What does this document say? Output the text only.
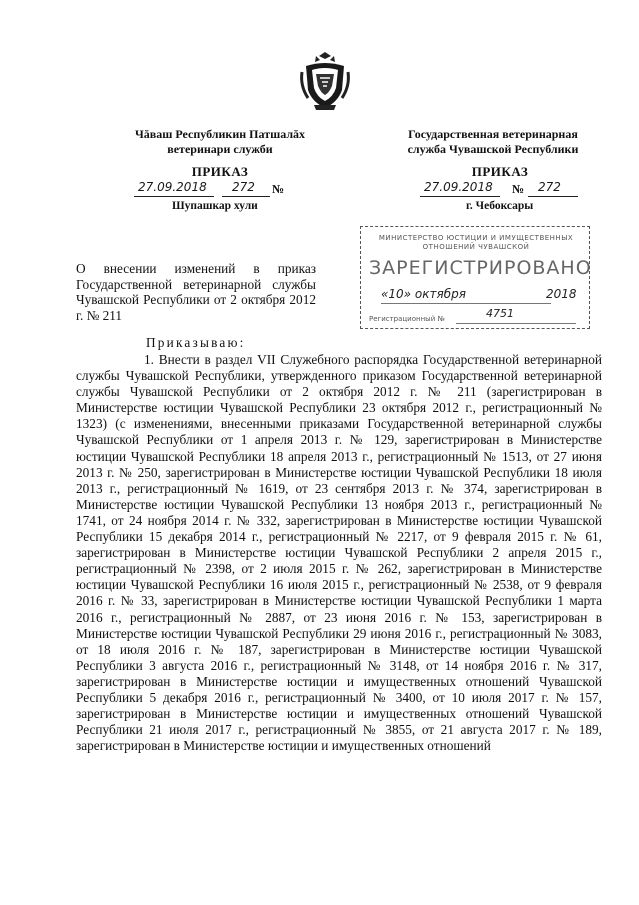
Чăваш Республикин Патшалăх
ветеринари служби
Государственная ветеринарная
служба Чувашской Республики
ПРИКАЗ
27.09.2018 272 №
Шупашкар хули
ПРИКАЗ
27.09.2018 № 272
г. Чебоксары
МИНИСТЕРСТВО ЮСТИЦИИ И ИМУЩЕСТВЕННЫХ ОТНОШЕНИЙ ЧУВАШСКОЙ
ЗАРЕГИСТРИРОВАНО
«10» октября	2018
Регистрационный №	4751
О внесении изменений в приказ Государственной ветеринарной службы Чувашской Республики от 2 октября 2012 г. № 211
Приказываю:
1. Внести в раздел VII Служебного распорядка Государственной ветеринарной службы Чувашской Республики, утвержденного приказом Государственной ветеринарной службы Чувашской Республики от 2 октября 2012 г. № 211 (зарегистрирован в Министерстве юстиции Чувашской Республики 23 октября 2012 г., регистрационный № 1323) (с изменениями, внесенными приказами Государственной ветеринарной службы Чувашской Республики от 1 апреля 2013 г. № 129, зарегистрирован в Министерстве юстиции Чувашской Республики 18 апреля 2013 г., регистрационный № 1513, от 27 июня 2013 г. № 250, зарегистрирован в Министерстве юстиции Чувашской Республики 18 июля 2013 г., регистрационный № 1619, от 23 сентября 2013 г. № 374, зарегистрирован в Министерстве юстиции Чувашской Республики 13 ноября 2013 г., регистрационный № 1741, от 24 ноября 2014 г. № 332, зарегистрирован в Министерстве юстиции Чувашской Республики 15 декабря 2014 г., регистрационный № 2217, от 9 февраля 2015 г. № 61, зарегистрирован в Министерстве юстиции Чувашской Республики 2 апреля 2015 г., регистрационный № 2398, от 2 июля 2015 г. № 262, зарегистрирован в Министерстве юстиции Чувашской Республики 16 июля 2015 г., регистрационный № 2538, от 9 февраля 2016 г. № 33, зарегистрирован в Министерстве юстиции Чувашской Республики 1 марта 2016 г., регистрационный № 2887, от 23 июня 2016 г. № 153, зарегистрирован в Министерстве юстиции Чувашской Республики 29 июня 2016 г., регистрационный № 3083, от 18 июля 2016 г. № 187, зарегистрирован в Министерстве юстиции Чувашской Республики 3 августа 2016 г., регистрационный № 3148, от 14 ноября 2016 г. № 317, зарегистрирован в Министерстве юстиции и имущественных отношений Чувашской Республики 5 декабря 2016 г., регистрационный № 3400, от 10 июля 2017 г. № 157, зарегистрирован в Министерстве юстиции и имущественных отношений Чувашской Республики 21 июля 2017 г., регистрационный № 3855, от 21 августа 2017 г. № 189, зарегистрирован в Министерстве юстиции и имущественных отношений
